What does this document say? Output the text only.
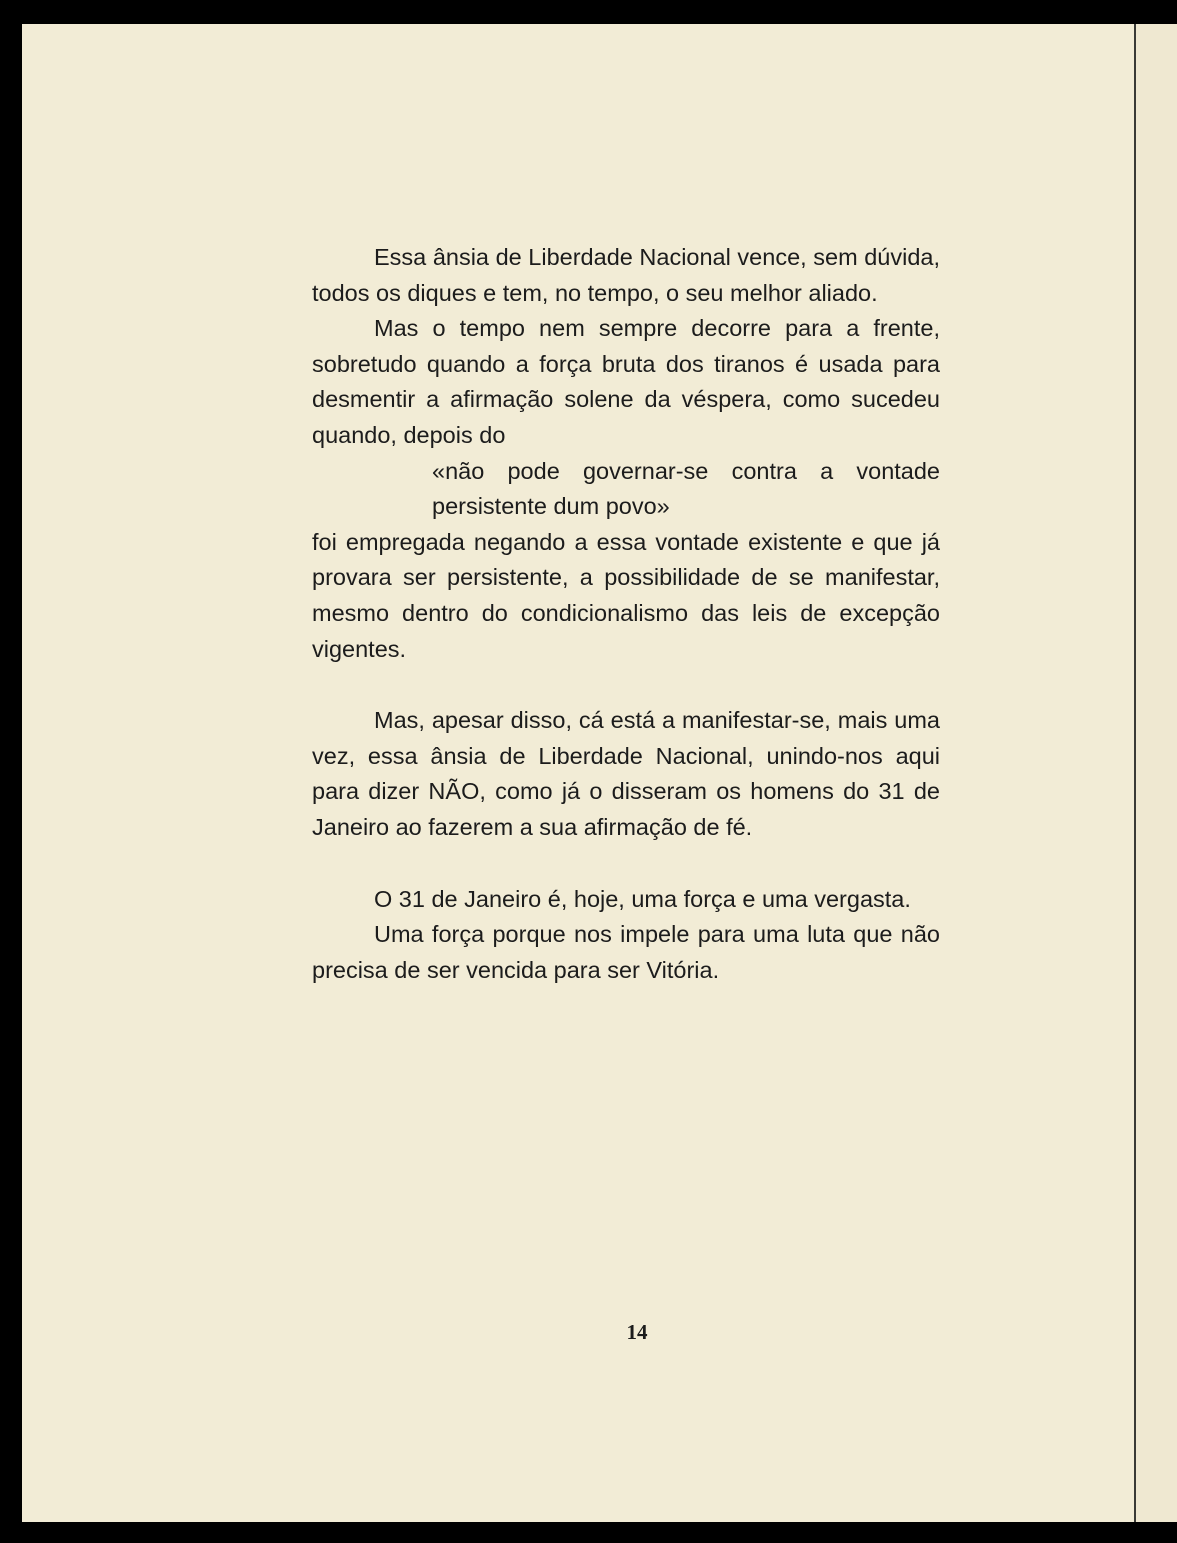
Essa ânsia de Liberdade Nacional vence, sem dúvida, todos os diques e tem, no tempo, o seu melhor aliado.

Mas o tempo nem sempre decorre para a frente, sobretudo quando a força bruta dos tiranos é usada para desmentir a afirmação solene da véspera, como sucedeu quando, depois do

«não pode governar-se contra a vontade persistente dum povo»

foi empregada negando a essa vontade existente e que já provara ser persistente, a possibilidade de se manifestar, mesmo dentro do condicionalismo das leis de excepção vigentes.

Mas, apesar disso, cá está a manifestar-se, mais uma vez, essa ânsia de Liberdade Nacional, unindo-nos aqui para dizer NÃO, como já o disseram os homens do 31 de Janeiro ao fazerem a sua afirmação de fé.

O 31 de Janeiro é, hoje, uma força e uma vergasta.

Uma força porque nos impele para uma luta que não precisa de ser vencida para ser Vitória.

14
